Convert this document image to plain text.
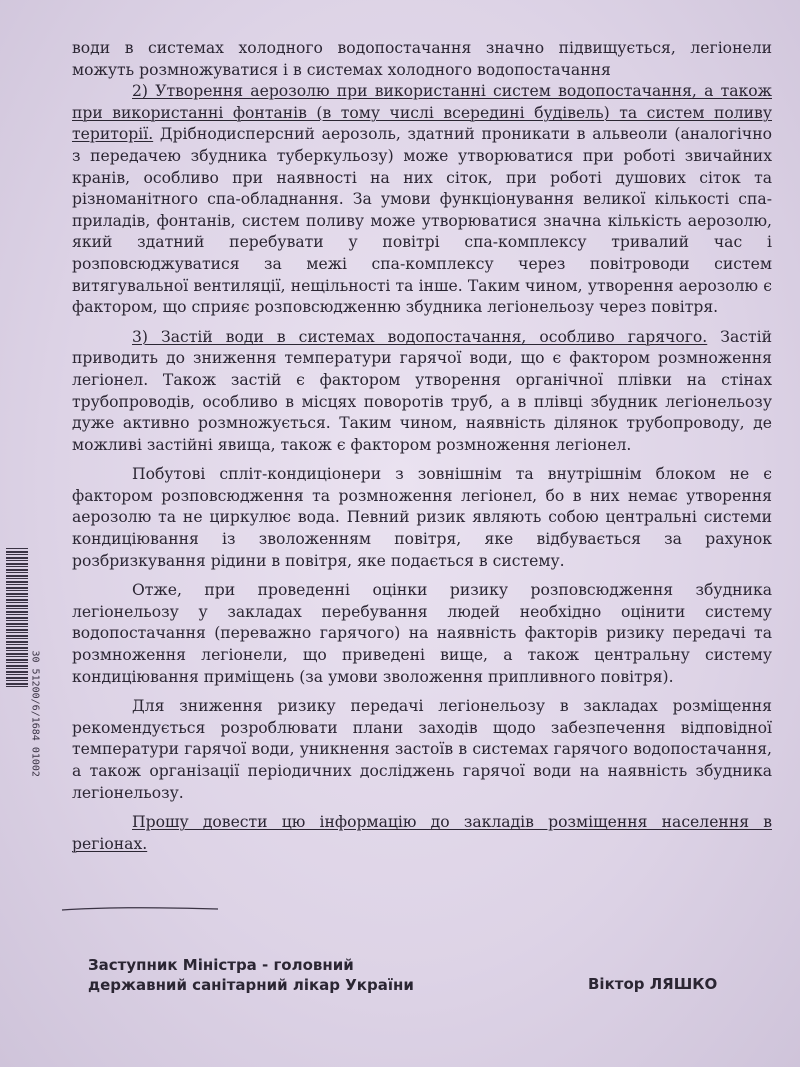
30 51200/6/1684 01002

води в системах холодного водопостачання значно підвищується, легіонели можуть розмножуватися і в системах холодного водопостачання

2) Утворення аерозолю при використанні систем водопостачання, а також при використанні фонтанів (в тому числі всередині будівель) та систем поливу території. Дрібнодисперсний аерозоль, здатний проникати в альвеоли (аналогічно з передачею збудника туберкульозу) може утворюватися при роботі звичайних кранів, особливо при наявності на них сіток, при роботі душових сіток та різноманітного спа-обладнання. За умови функціонування великої кількості спа-приладів, фонтанів, систем поливу може утворюватися значна кількість аерозолю, який здатний перебувати у повітрі спа-комплексу тривалий час і розповсюджуватися за межі спа-комплексу через повітроводи систем витягувальної вентиляції, нещільності та інше. Таким чином, утворення аерозолю є фактором, що сприяє розповсюдженню збудника легіонельозу через повітря.

3) Застій води в системах водопостачання, особливо гарячого. Застій приводить до зниження температури гарячої води, що є фактором розмноження легіонел. Також застій є фактором утворення органічної плівки на стінах трубопроводів, особливо в місцях поворотів труб, а в плівці збудник легіонельозу дуже активно розмножується. Таким чином, наявність ділянок трубопроводу, де можливі застійні явища, також є фактором розмноження легіонел.

Побутові спліт-кондиціонери з зовнішнім та внутрішнім блоком не є фактором розповсюдження та розмноження легіонел, бо в них немає утворення аерозолю та не циркулює вода. Певний ризик являють собою центральні системи кондиціювання із зволоженням повітря, яке відбувається за рахунок розбризкування рідини в повітря, яке подається в систему.

Отже, при проведенні оцінки ризику розповсюдження збудника легіонельозу у закладах перебування людей необхідно оцінити систему водопостачання (переважно гарячого) на наявність факторів ризику передачі та розмноження легіонели, що приведені вище, а також центральну систему кондиціювання приміщень (за умови зволоження припливного повітря).

Для зниження ризику передачі легіонельозу в закладах розміщення рекомендується розроблювати плани заходів щодо забезпечення відповідної температури гарячої води, уникнення застоїв в системах гарячого водопостачання, а також організації періодичних досліджень гарячої води на наявність збудника легіонельозу.

Прошу довести цю інформацію до закладів розміщення населення в регіонах.

Заступник Міністра - головний
державний санітарний лікар України	Віктор ЛЯШКО
